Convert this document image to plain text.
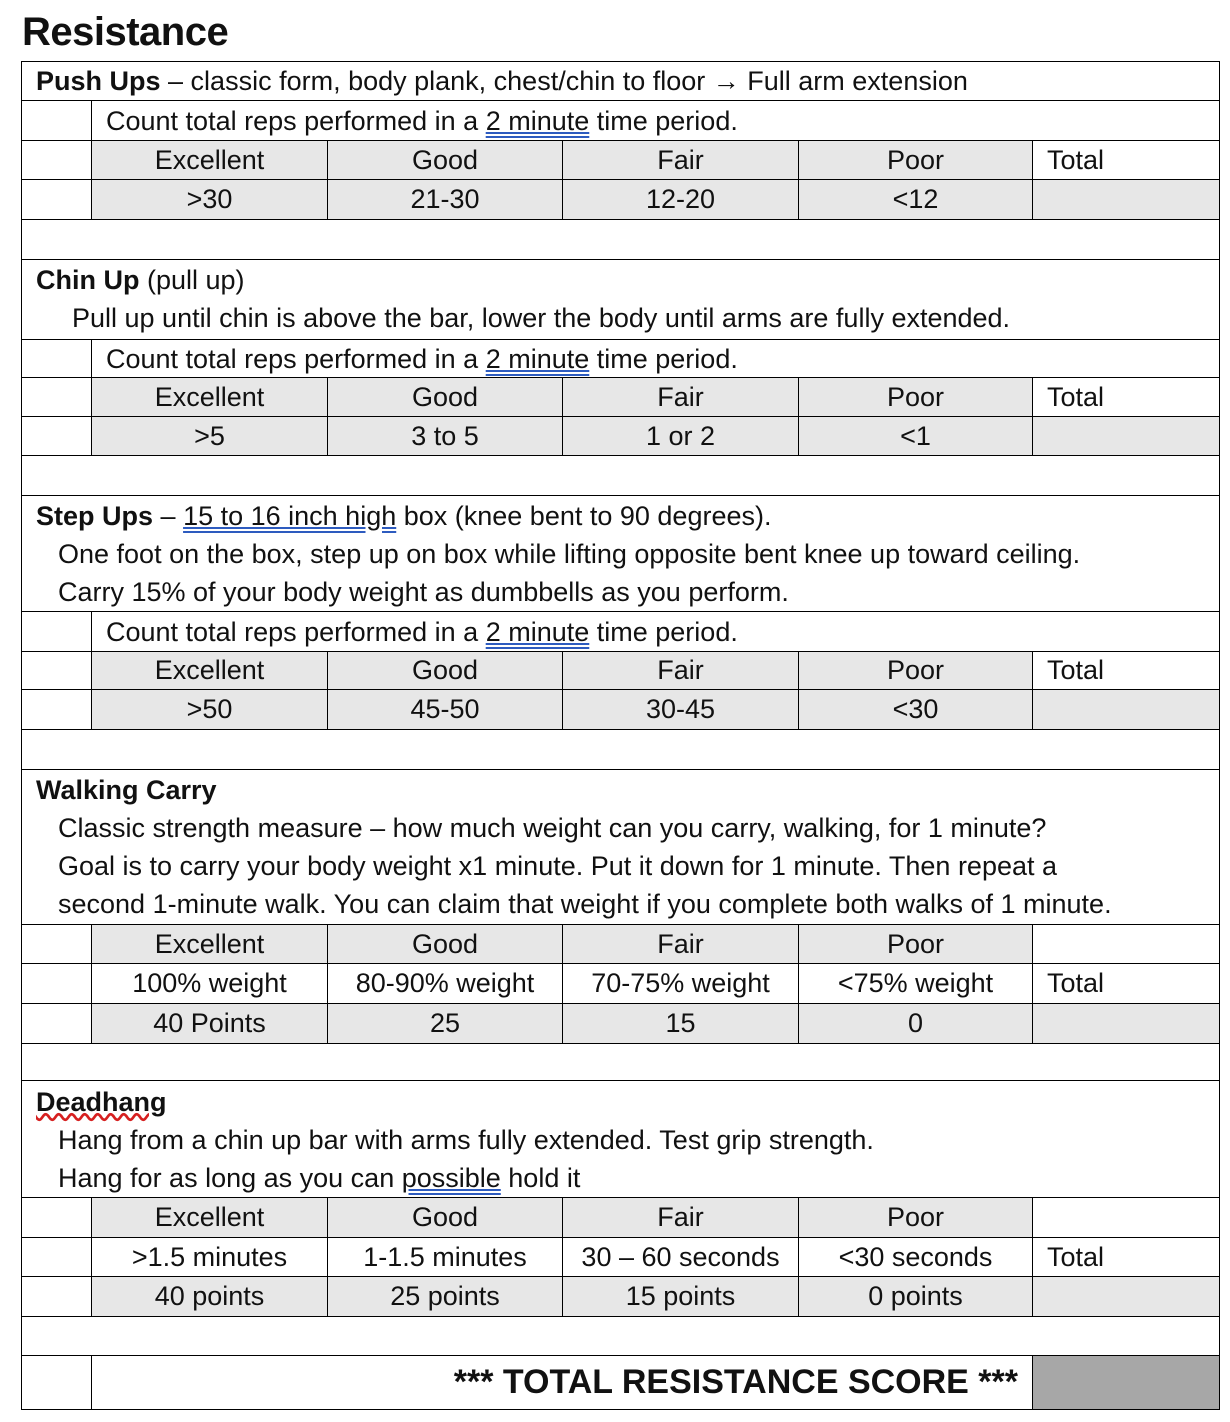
Resistance
Push Ups – classic form, body plank, chest/chin to floor → Full arm extension
Count total reps performed in a 2 minute time period.
Excellent	Good	Fair	Poor	Total
>30	21-30	12-20	<12
Chin Up (pull up)
Pull up until chin is above the bar, lower the body until arms are fully extended.
Count total reps performed in a 2 minute time period.
Excellent	Good	Fair	Poor	Total
>5	3 to 5	1 or 2	<1
Step Ups – 15 to 16 inch high box (knee bent to 90 degrees).
One foot on the box, step up on box while lifting opposite bent knee up toward ceiling.
Carry 15% of your body weight as dumbbells as you perform.
Count total reps performed in a 2 minute time period.
Excellent	Good	Fair	Poor	Total
>50	45-50	30-45	<30
Walking Carry
Classic strength measure – how much weight can you carry, walking, for 1 minute?
Goal is to carry your body weight x1 minute. Put it down for 1 minute. Then repeat a
second 1-minute walk. You can claim that weight if you complete both walks of 1 minute.
Excellent	Good	Fair	Poor
100% weight	80-90% weight	70-75% weight	<75% weight	Total
40 Points	25	15	0
Deadhang
Hang from a chin up bar with arms fully extended. Test grip strength.
Hang for as long as you can possible hold it
Excellent	Good	Fair	Poor
>1.5 minutes	1-1.5 minutes	30 – 60 seconds	<30 seconds	Total
40 points	25 points	15 points	0 points
*** TOTAL RESISTANCE SCORE ***
